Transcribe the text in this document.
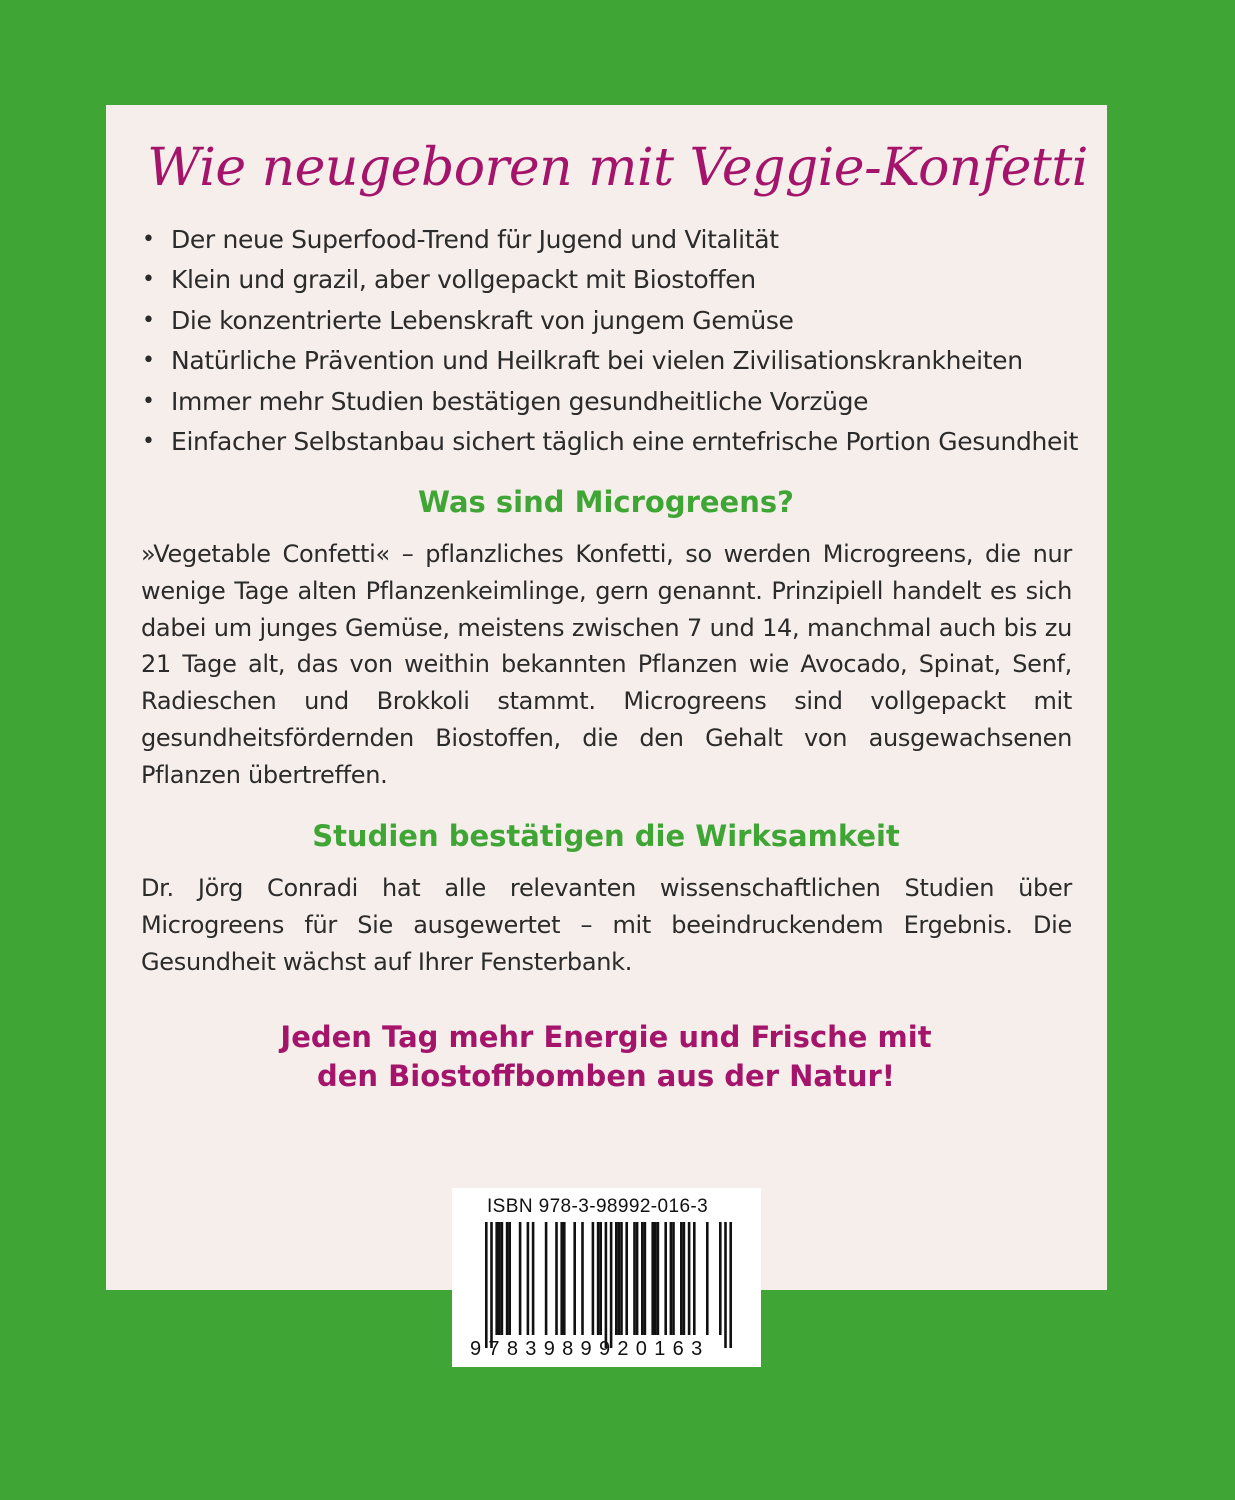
Wie neugeboren mit Veggie-Konfetti
• Der neue Superfood-Trend für Jugend und Vitalität
• Klein und grazil, aber vollgepackt mit Biostoffen
• Die konzentrierte Lebenskraft von jungem Gemüse
• Natürliche Prävention und Heilkraft bei vielen Zivilisationskrankheiten
• Immer mehr Studien bestätigen gesundheitliche Vorzüge
• Einfacher Selbstanbau sichert täglich eine erntefrische Portion Gesundheit
Was sind Microgreens?

»Vegetable Confetti« – pflanzliches Konfetti, so werden Microgreens, die nur wenige Tage alten Pflanzenkeimlinge, gern genannt. Prinzipiell handelt es sich dabei um junges Gemüse, meistens zwischen 7 und 14, manchmal auch bis zu 21 Tage alt, das von weithin bekannten Pflanzen wie Avocado, Spinat, Senf, Radieschen und Brokkoli stammt. Microgreens sind vollgepackt mit gesundheitsfördernden Biostoffen, die den Gehalt von ausgewachsenen Pflanzen übertreffen.

Studien bestätigen die Wirksamkeit

Dr. Jörg Conradi hat alle relevanten wissenschaftlichen Studien über Microgreens für Sie ausgewertet – mit beeindruckendem Ergebnis. Die Gesundheit wächst auf Ihrer Fensterbank.

Jeden Tag mehr Energie und Frische mit
den Biostoffbomben aus der Natur!

ISBN 978-3-98992-016-3
9783989920163
